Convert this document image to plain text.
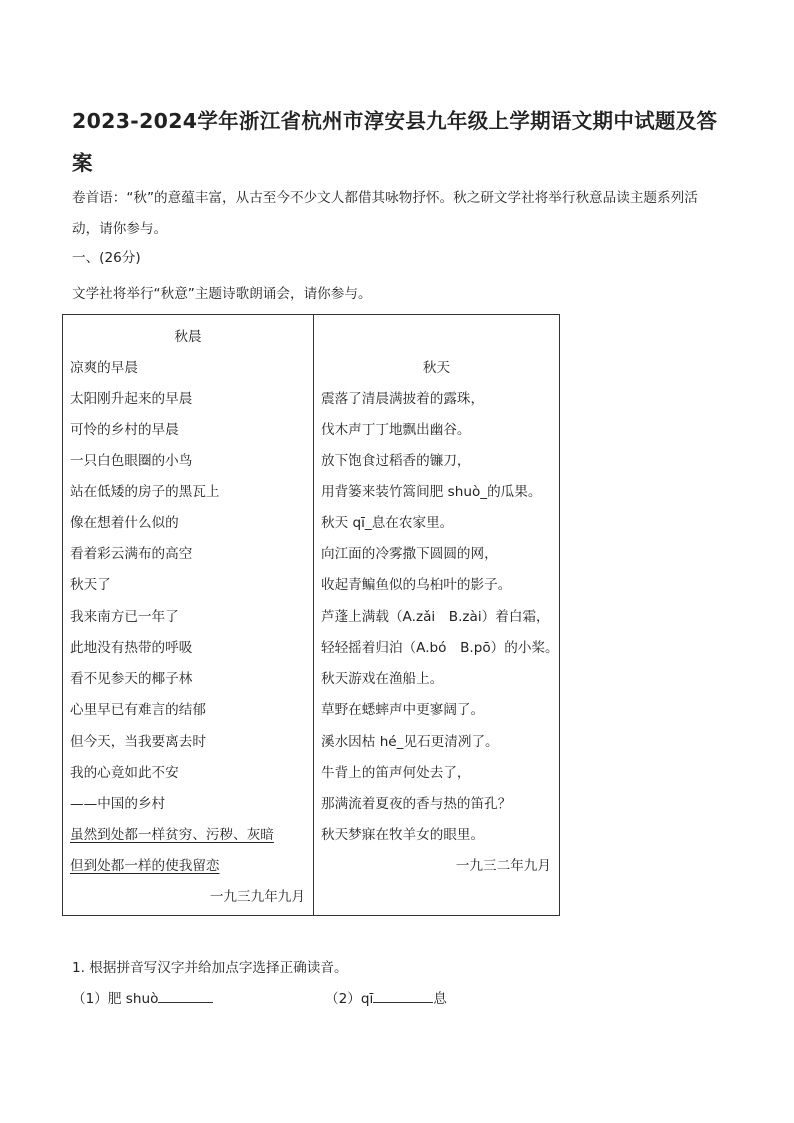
2023-2024学年浙江省杭州市淳安县九年级上学期语文期中试题及答案

卷首语：“秋”的意蕴丰富，从古至今不少文人都借其咏物抒怀。秋之研文学社将举行秋意品读主题系列活动，请你参与。

一、(26分)

文学社将举行“秋意”主题诗歌朗诵会，请你参与。

秋晨
凉爽的早晨
太阳刚升起来的早晨
可怜的乡村的早晨
一只白色眼圈的小鸟
站在低矮的房子的黑瓦上
像在想着什么似的
看着彩云满布的高空
秋天了
我来南方已一年了
此地没有热带的呼吸
看不见参天的椰子林
心里早已有难言的结郁
但今天，当我要离去时
我的心竟如此不安
——中国的乡村
虽然到处都一样贫穷、污秽、灰暗
但到处都一样的使我留恋
一九三九年九月
秋天
震落了清晨满披着的露珠，
伐木声丁丁地飘出幽谷。
放下饱食过稻香的镰刀，
用背篓来装竹篙间肥 shuò_的瓜果。
秋天 qī_息在农家里。
向江面的冷雾撒下圆圆的网，
收起青鳊鱼似的乌桕叶的影子。
芦蓬上满载（A.zǎi　B.zài）着白霜，
轻轻摇着归泊（A.bó　B.pō）的小桨。
秋天游戏在渔船上。
草野在蟋蟀声中更寥阔了。
溪水因枯 hé_见石更清冽了。
牛背上的笛声何处去了，
那满流着夏夜的香与热的笛孔？
秋天梦寐在牧羊女的眼里。
一九三二年九月
1. 根据拼音写汉字并给加点字选择正确读音。
（1）肥 shuò	（2）qī	息
